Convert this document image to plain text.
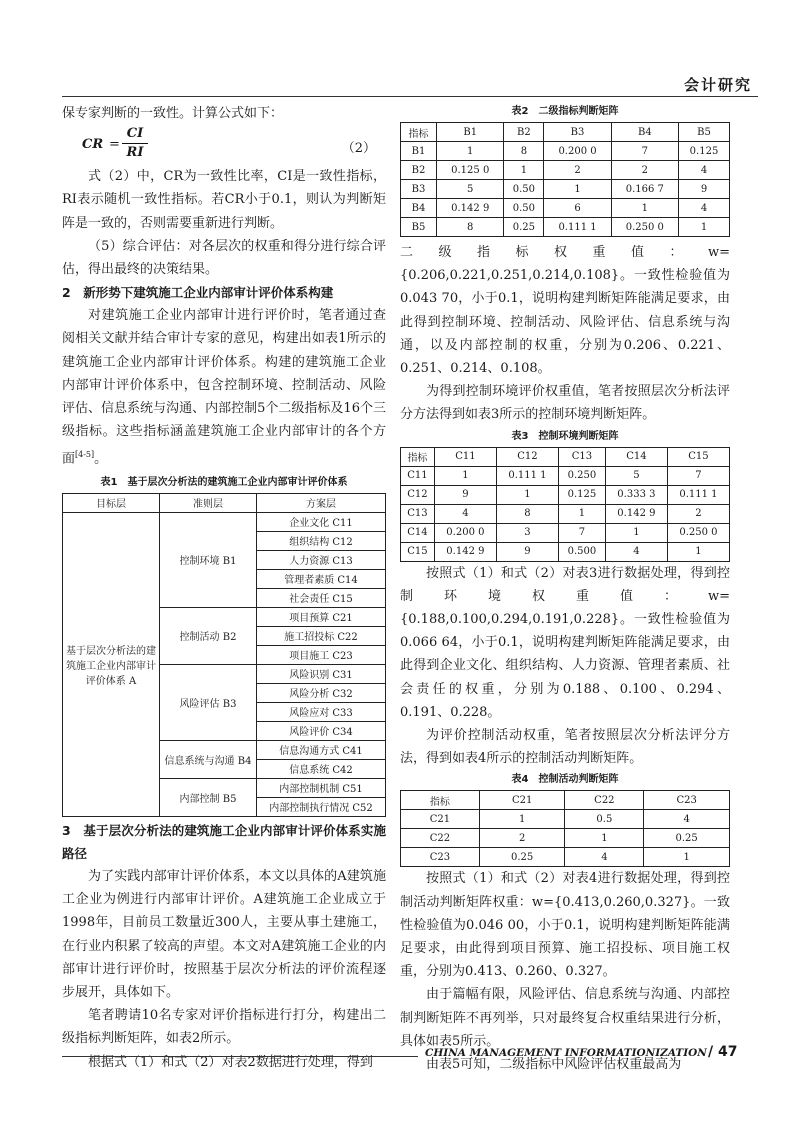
会计研究

保专家判断的一致性。计算公式如下：

CR = $\frac{CI}{RI}$	（2）

式（2）中，CR为一致性比率，CI是一致性指标，RI表示随机一致性指标。若CR小于0.1，则认为判断矩阵是一致的，否则需要重新进行判断。

（5）综合评估：对各层次的权重和得分进行综合评估，得出最终的决策结果。

2　新形势下建筑施工企业内部审计评价体系构建

对建筑施工企业内部审计进行评价时，笔者通过查阅相关文献并结合审计专家的意见，构建出如表1所示的建筑施工企业内部审计评价体系。构建的建筑施工企业内部审计评价体系中，包含控制环境、控制活动、风险评估、信息系统与沟通、内部控制5个二级指标及16个三级指标。这些指标涵盖建筑施工企业内部审计的各个方面[4-5]。

表1　基于层次分析法的建筑施工企业内部审计评价体系

目标层	准则层	方案层
基于层次分析法的建筑施工企业内部审计评价体系 A	控制环境 B1	企业文化 C11
		组织结构 C12
		人力资源 C13
		管理者素质 C14
		社会责任 C15
	控制活动 B2	项目预算 C21
		施工招投标 C22
		项目施工 C23
	风险评估 B3	风险识别 C31
		风险分析 C32
		风险应对 C33
		风险评价 C34
	信息系统与沟通 B4	信息沟通方式 C41
		信息系统 C42
	内部控制 B5	内部控制机制 C51
		内部控制执行情况 C52

3　基于层次分析法的建筑施工企业内部审计评价体系实施路径

为了实践内部审计评价体系，本文以具体的A建筑施工企业为例进行内部审计评价。A建筑施工企业成立于1998年，目前员工数量近300人，主要从事土建施工，在行业内积累了较高的声望。本文对A建筑施工企业的内部审计进行评价时，按照基于层次分析法的评价流程逐步展开，具体如下。

笔者聘请10名专家对评价指标进行打分，构建出二级指标判断矩阵，如表2所示。

根据式（1）和式（2）对表2数据进行处理，得到

表2　二级指标判断矩阵

指标	B1	B2	B3	B4	B5
B1	1	8	0.200 0	7	0.125
B2	0.125 0	1	2	2	4
B3	5	0.50	1	0.166 7	9
B4	0.142 9	0.50	6	1	4
B5	8	0.25	0.111 1	0.250 0	1

二级指标权重值：w={0.206,0.221,0.251,0.214,0.108}。一致性检验值为0.043 70，小于0.1，说明构建判断矩阵能满足要求，由此得到控制环境、控制活动、风险评估、信息系统与沟通，以及内部控制的权重，分别为0.206、0.221、0.251、0.214、0.108。

为得到控制环境评价权重值，笔者按照层次分析法评分方法得到如表3所示的控制环境判断矩阵。

表3　控制环境判断矩阵

指标	C11	C12	C13	C14	C15
C11	1	0.111 1	0.250	5	7
C12	9	1	0.125	0.333 3	0.111 1
C13	4	8	1	0.142 9	2
C14	0.200 0	3	7	1	0.250 0
C15	0.142 9	9	0.500	4	1

按照式（1）和式（2）对表3进行数据处理，得到控制环境权重值：w={0.188,0.100,0.294,0.191,0.228}。一致性检验值为0.066 64，小于0.1，说明构建判断矩阵能满足要求，由此得到企业文化、组织结构、人力资源、管理者素质、社会责任的权重，分别为0.188、0.100、0.294、0.191、0.228。

为评价控制活动权重，笔者按照层次分析法评分方法，得到如表4所示的控制活动判断矩阵。

表4　控制活动判断矩阵

指标	C21	C22	C23
C21	1	0.5	4
C22	2	1	0.25
C23	0.25	4	1

按照式（1）和式（2）对表4进行数据处理，得到控制活动判断矩阵权重：w={0.413,0.260,0.327}。一致性检验值为0.046 00，小于0.1，说明构建判断矩阵能满足要求，由此得到项目预算、施工招投标、项目施工权重，分别为0.413、0.260、0.327。

由于篇幅有限，风险评估、信息系统与沟通、内部控制判断矩阵不再列举，只对最终复合权重结果进行分析，具体如表5所示。

由表5可知，二级指标中风险评估权重最高为

CHINA MANAGEMENT INFORMATIONIZATION / 47
